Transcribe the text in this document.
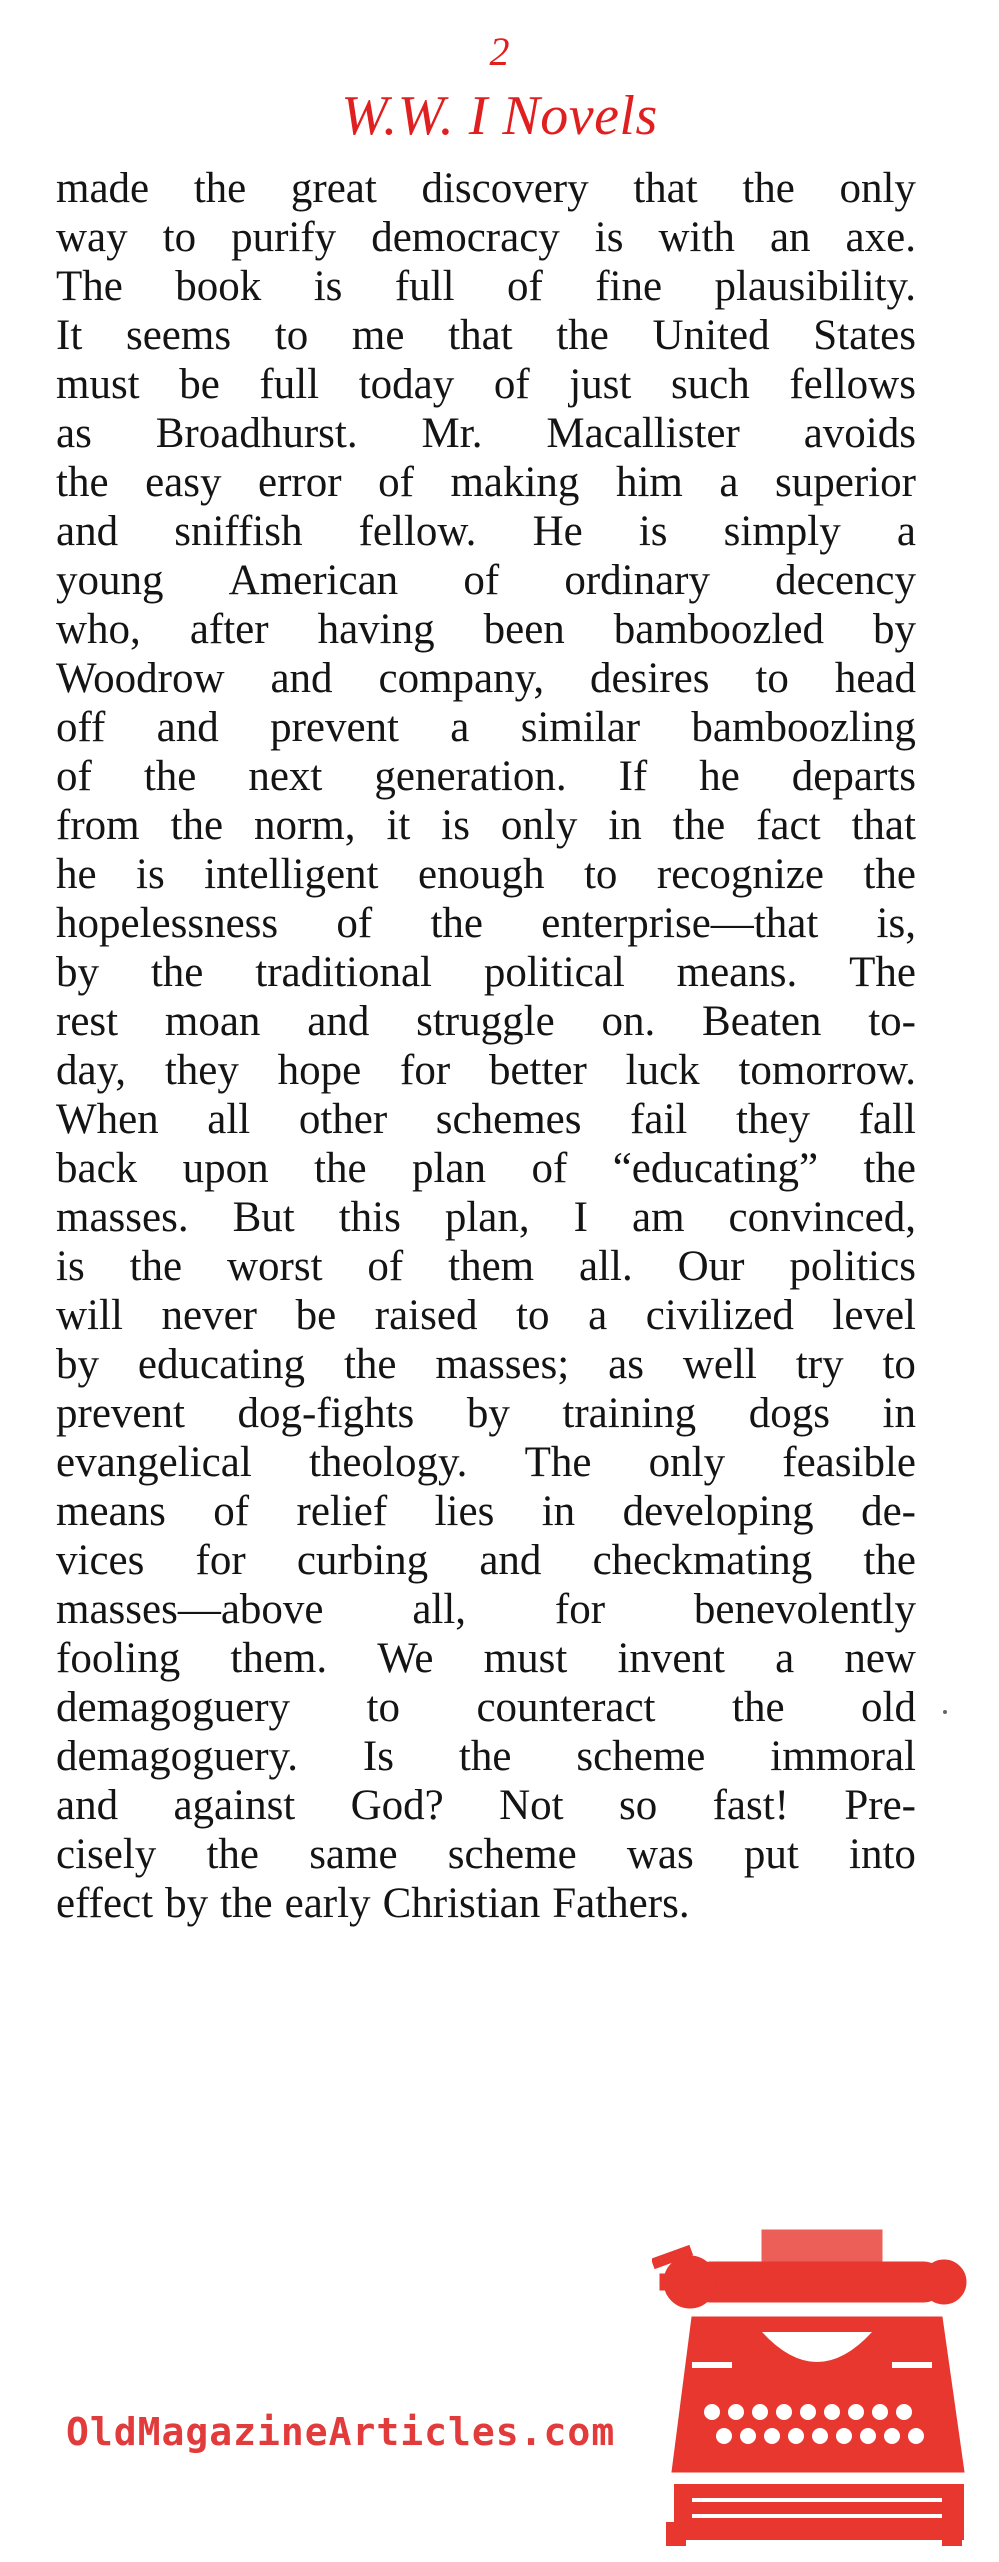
2
W.W. I Novels
made the great discovery that the only
way to purify democracy is with an axe.
The book is full of fine plausibility.
It seems to me that the United States
must be full today of just such fellows
as Broadhurst. Mr. Macallister avoids
the easy error of making him a superior
and sniffish fellow. He is simply a
young American of ordinary decency
who, after having been bamboozled by
Woodrow and company, desires to head
off and prevent a similar bamboozling
of the next generation. If he departs
from the norm, it is only in the fact that
he is intelligent enough to recognize the
hopelessness of the enterprise—that is,
by the traditional political means. The
rest moan and struggle on. Beaten to-
day, they hope for better luck tomorrow.
When all other schemes fail they fall
back upon the plan of “educating” the
masses. But this plan, I am convinced,
is the worst of them all. Our politics
will never be raised to a civilized level
by educating the masses; as well try to
prevent dog-fights by training dogs in
evangelical theology. The only feasible
means of relief lies in developing de-
vices for curbing and checkmating the
masses—above all, for benevolently
fooling them. We must invent a new
demagoguery to counteract the old
demagoguery. Is the scheme immoral
and against God? Not so fast! Pre-
cisely the same scheme was put into
effect by the early Christian Fathers.
OldMagazineArticles.com
